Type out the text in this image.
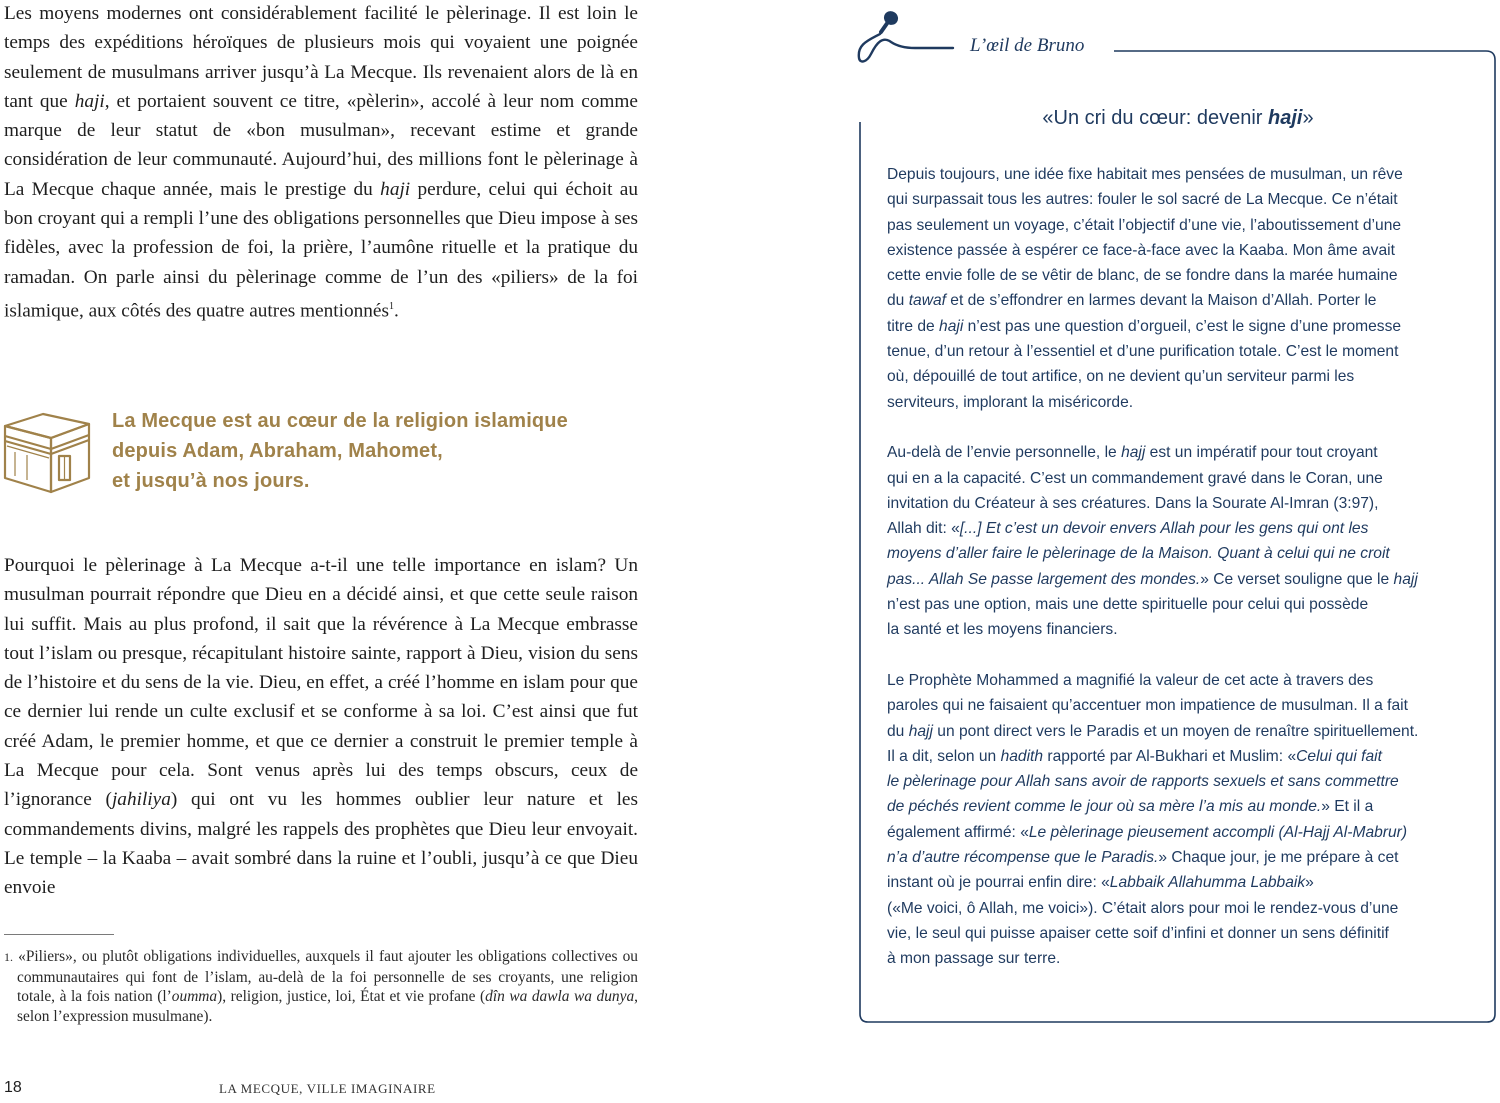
Les moyens modernes ont considérablement facilité le pèlerinage. Il est loin le temps des expéditions héroïques de plusieurs mois qui voyaient une poignée seulement de musulmans arriver jusqu’à La Mecque. Ils revenaient alors de là en tant que haji, et portaient souvent ce titre, «pèlerin», accolé à leur nom comme marque de leur statut de «bon musulman», recevant estime et grande considération de leur communauté. Aujourd’hui, des millions font le pèlerinage à La Mecque chaque année, mais le prestige du haji perdure, celui qui échoit au bon croyant qui a rempli l’une des obligations personnelles que Dieu impose à ses fidèles, avec la profession de foi, la prière, l’aumône rituelle et la pratique du ramadan. On parle ainsi du pèlerinage comme de l’un des «piliers» de la foi islamique, aux côtés des quatre autres mentionnés$^1$.

La Mecque est au cœur de la religion islamique
depuis Adam, Abraham, Mahomet,
et jusqu’à nos jours.

Pourquoi le pèlerinage à La Mecque a-t-il une telle importance en islam? Un musulman pourrait répondre que Dieu en a décidé ainsi, et que cette seule raison lui suffit. Mais au plus profond, il sait que la révérence à La Mecque embrasse tout l’islam ou presque, récapitulant histoire sainte, rapport à Dieu, vision du sens de l’histoire et du sens de la vie. Dieu, en effet, a créé l’homme en islam pour que ce dernier lui rende un culte exclusif et se conforme à sa loi. C’est ainsi que fut créé Adam, le premier homme, et que ce dernier a construit le premier temple à La Mecque pour cela. Sont venus après lui des temps obscurs, ceux de l’ignorance (jahiliya) qui ont vu les hommes oublier leur nature et les commandements divins, malgré les rappels des prophètes que Dieu leur envoyait. Le temple – la Kaaba – avait sombré dans la ruine et l’oubli, jusqu’à ce que Dieu envoie

1. «Piliers», ou plutôt obligations individuelles, auxquels il faut ajouter les obligations collectives ou communautaires qui font de l’islam, au-delà de la foi personnelle de ses croyants, une religion totale, à la fois nation (l’oumma), religion, justice, loi, État et vie profane (dîn wa dawla wa dunya, selon l’expression musulmane).

18	LA MECQUE, VILLE IMAGINAIRE
L’œil de Bruno
«Un cri du cœur: devenir haji»

Depuis toujours, une idée fixe habitait mes pensées de musulman, un rêve
qui surpassait tous les autres: fouler le sol sacré de La Mecque. Ce n’était
pas seulement un voyage, c’était l’objectif d’une vie, l’aboutissement d’une
existence passée à espérer ce face-à-face avec la Kaaba. Mon âme avait
cette envie folle de se vêtir de blanc, de se fondre dans la marée humaine
du tawaf et de s’effondrer en larmes devant la Maison d’Allah. Porter le
titre de haji n’est pas une question d’orgueil, c’est le signe d’une promesse
tenue, d’un retour à l’essentiel et d’une purification totale. C’est le moment
où, dépouillé de tout artifice, on ne devient qu’un serviteur parmi les
serviteurs, implorant la miséricorde.

Au-delà de l’envie personnelle, le hajj est un impératif pour tout croyant
qui en a la capacité. C’est un commandement gravé dans le Coran, une
invitation du Créateur à ses créatures. Dans la Sourate Al-Imran (3:97),
Allah dit: «[...] Et c’est un devoir envers Allah pour les gens qui ont les
moyens d’aller faire le pèlerinage de la Maison. Quant à celui qui ne croit
pas... Allah Se passe largement des mondes.» Ce verset souligne que le hajj
n’est pas une option, mais une dette spirituelle pour celui qui possède
la santé et les moyens financiers.

Le Prophète Mohammed a magnifié la valeur de cet acte à travers des
paroles qui ne faisaient qu’accentuer mon impatience de musulman. Il a fait
du hajj un pont direct vers le Paradis et un moyen de renaître spirituellement.
Il a dit, selon un hadith rapporté par Al-Bukhari et Muslim: «Celui qui fait
le pèlerinage pour Allah sans avoir de rapports sexuels et sans commettre
de péchés revient comme le jour où sa mère l’a mis au monde.» Et il a
également affirmé: «Le pèlerinage pieusement accompli (Al-Hajj Al-Mabrur)
n’a d’autre récompense que le Paradis.» Chaque jour, je me prépare à cet
instant où je pourrai enfin dire: «Labbaik Allahumma Labbaik»
(«Me voici, ô Allah, me voici»). C’était alors pour moi le rendez-vous d’une
vie, le seul qui puisse apaiser cette soif d’infini et donner un sens définitif
à mon passage sur terre.
